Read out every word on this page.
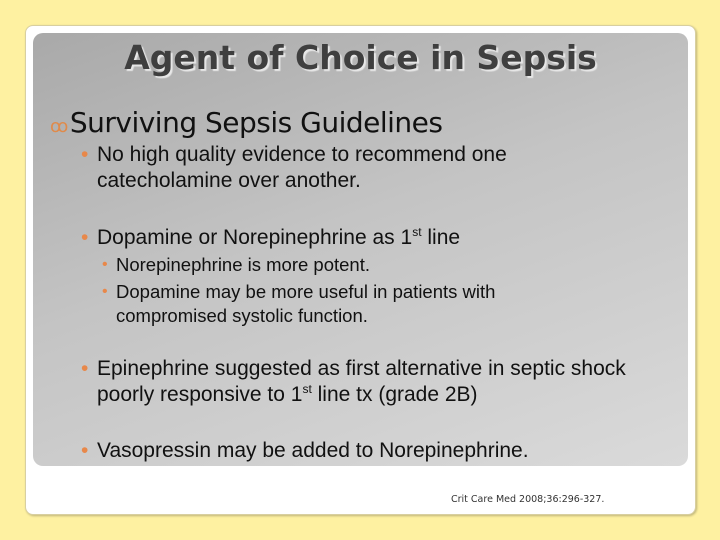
Agent of Choice in Sepsis
ꝏSurviving Sepsis Guidelines
• No high quality evidence to recommend one catecholamine over another.
• Dopamine or Norepinephrine as 1st line
• Norepinephrine is more potent.
• Dopamine may be more useful in patients with compromised systolic function.
• Epinephrine suggested as first alternative in septic shock poorly responsive to 1st line tx (grade 2B)
• Vasopressin may be added to Norepinephrine.
Crit Care Med 2008;36:296-327.
